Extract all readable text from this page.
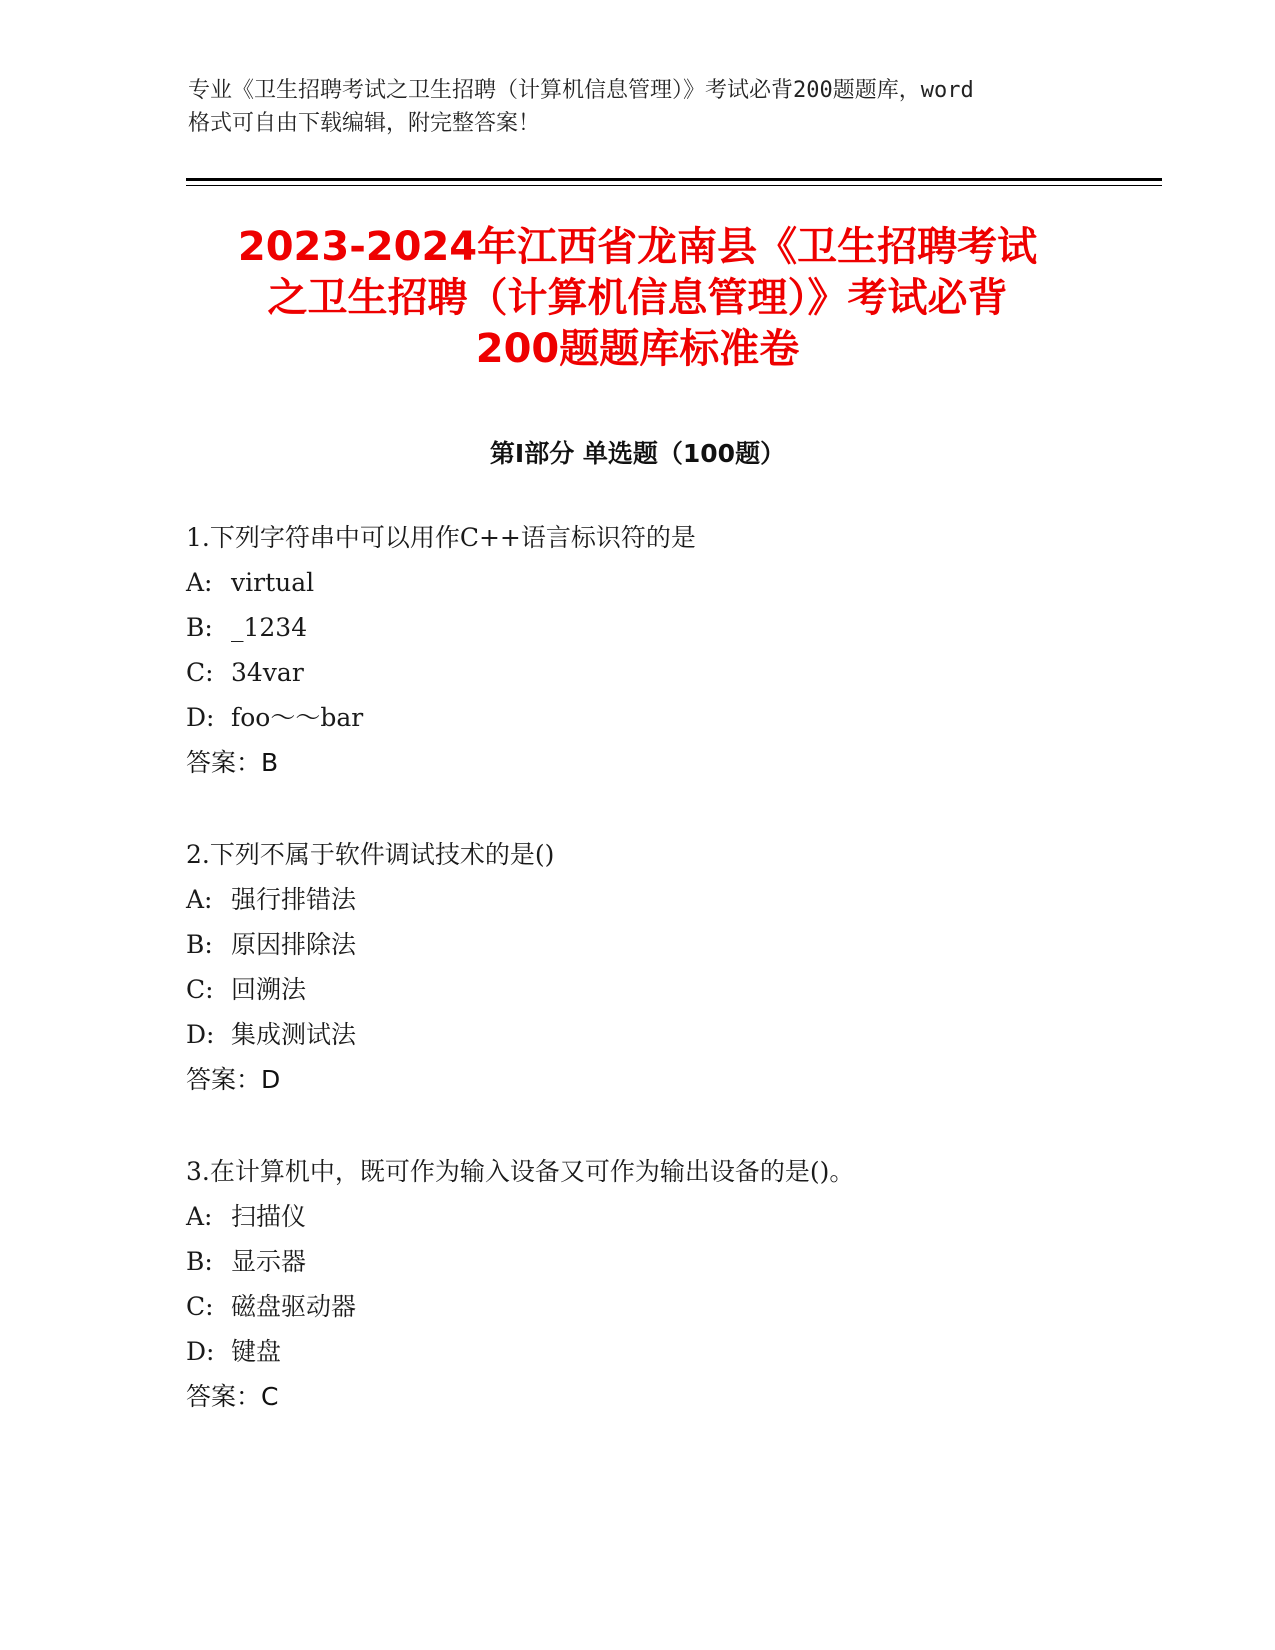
专业《卫生招聘考试之卫生招聘（计算机信息管理）》考试必背200题题库，word
格式可自由下载编辑，附完整答案！
2023-2024年江西省龙南县《卫生招聘考试
之卫生招聘（计算机信息管理）》考试必背
200题题库标准卷
第Ⅰ部分 单选题（100题）
1.下列字符串中可以用作C++语言标识符的是
A: virtual
B: _1234
C: 34var
D: foo～～bar
答案：B
2.下列不属于软件调试技术的是()
A: 强行排错法
B: 原因排除法
C: 回溯法
D: 集成测试法
答案：D
3.在计算机中，既可作为输入设备又可作为输出设备的是()。
A: 扫描仪
B: 显示器
C: 磁盘驱动器
D: 键盘
答案：C
